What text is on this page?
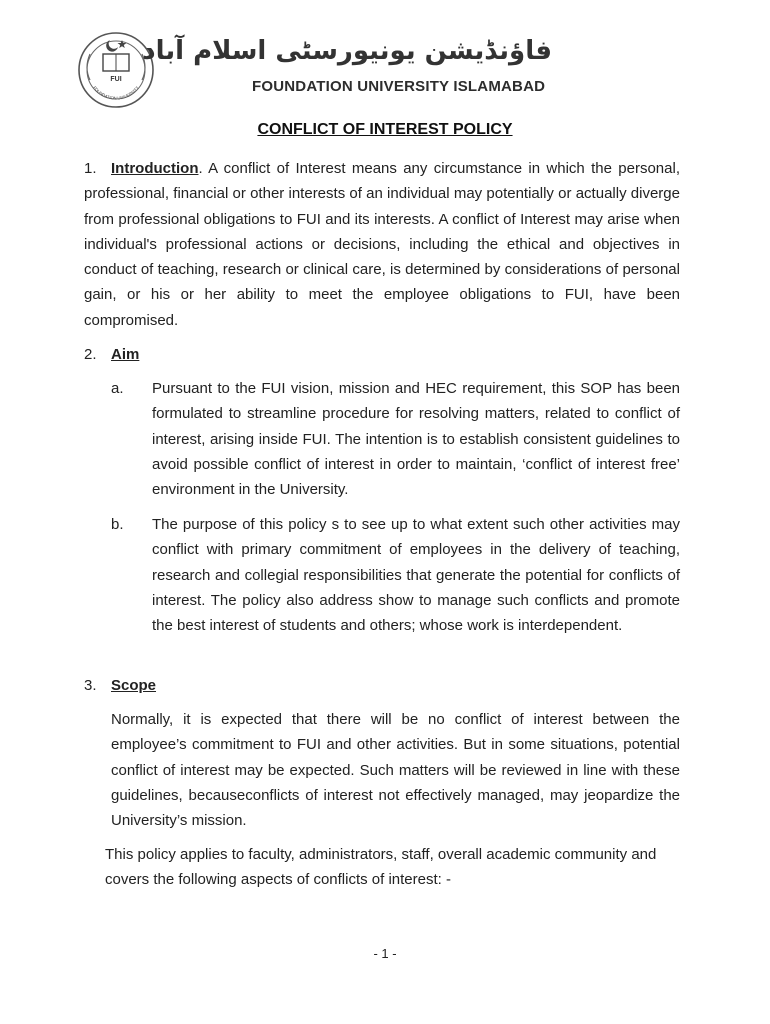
FUI
FOUNDATION UNIVERSITY
فاؤنڈیشن یونیورسٹی اسلام آباد
FOUNDATION UNIVERSITY ISLAMABAD
CONFLICT OF INTEREST POLICY
1. Introduction. A conflict of Interest means any circumstance in which the personal, professional, financial or other interests of an individual may potentially or actually diverge from professional obligations to FUI and its interests. A conflict of Interest may arise when individual's professional actions or decisions, including the ethical and objectives in conduct of teaching, research or clinical care, is determined by considerations of personal gain, or his or her ability to meet the employee obligations to FUI, have been compromised.
2. Aim
a. Pursuant to the FUI vision, mission and HEC requirement, this SOP has been formulated to streamline procedure for resolving matters, related to conflict of interest, arising inside FUI. The intention is to establish consistent guidelines to avoid possible conflict of interest in order to maintain, ‘conflict of interest free’ environment in the University.
b. The purpose of this policy s to see up to what extent such other activities may conflict with primary commitment of employees in the delivery of teaching, research and collegial responsibilities that generate the potential for conflicts of interest. The policy also address show to manage such conflicts and promote the best interest of students and others; whose work is interdependent.
3. Scope
Normally, it is expected that there will be no conflict of interest between the employee’s commitment to FUI and other activities. But in some situations, potential conflict of interest may be expected. Such matters will be reviewed in line with these guidelines, becauseconflicts of interest not effectively managed, may jeopardize the University’s mission.
This policy applies to faculty, administrators, staff, overall academic community and covers the following aspects of conflicts of interest: -
- 1 -
